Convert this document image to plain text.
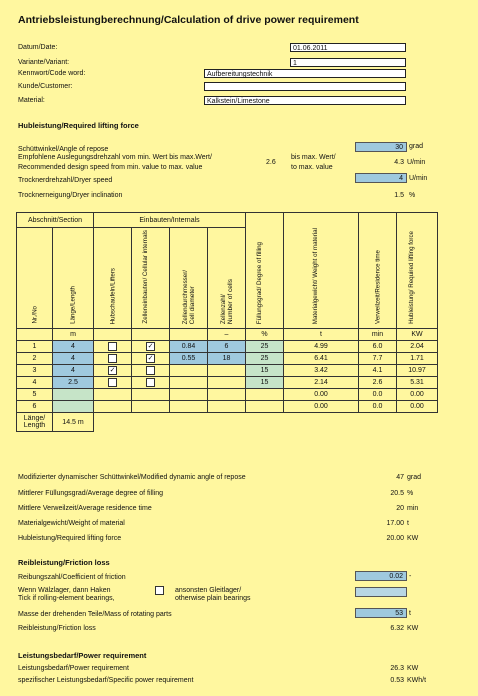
Antriebsleistungberechnung/Calculation of drive power requirement
Datum/Date:	01.06.2011
Variante/Variant:	1
Kennwort/Code word:	Aufbereitungstechnik
Kunde/Customer:
Material:	Kalkstein/Limestone
Hubleistung/Required lifting force
Schüttwinkel/Angle of repose	30 grad
Empfohlene Auslegungsdrehzahl vom min. Wert bis max.Wert/
Recommended design speed from min. value to max. value
2.6
bis max. Wert/
to max. value
4.3 U/min
Trocknerdrehzahl/Dryer speed	4 U/min
Trocknerneigung/Dryer inclination	1.5 %
Abschnitt/Section		Einbauten/Internals							

Nr./No	Länge/Length	Hubschaufeln/Lifters	Zelleneinbauten/ Cellular internals	Zellendurchmesser/
Cell diameter	Zellenzahl/
Number of cells	Füllungsgrad/ Degree of filling	Materialgewicht/ Weight of material	Verweilzeit/Residence time	Hubleistung/ Required lifting force

	m				–	%	t	min	KW
1	4		✓	0.84	6	25	4.99	6.0	2.04
2	4		✓	0.55	18	25	6.41	7.7	1.71
3	4	✓				15	3.42	4.1	10.97
4	2.5					15	2.14	2.6	5.31
5							0.00	0.0	0.00
6							0.00	0.0	0.00
Länge/
Length	14.5 m								
Modifizierter dynamischer Schüttwinkel/Modified dynamic angle of repose	47 grad
Mittlerer Füllungsgrad/Average degree of filling	20.5 %
Mittlere Verweilzeit/Average residence time	20 min
Materialgewicht/Weight of material	17.00 t
Hubleistung/Required lifting force	20.00 KW
Reibleistung/Friction loss
Reibungszahl/Coefficient of friction	0.02 -
Wenn Wälzlager, dann Haken
Tick if rolling-element bearings,
ansonsten Gleitlager/
otherwise plain bearings
Masse der drehenden Teile/Mass of rotating parts	53 t
Reibleistung/Friction loss	6.32 KW
Leistungsbedarf/Power requirement
Leistungsbedarf/Power requirement	26.3 KW
spezifischer Leistungsbedarf/Specific power requirement	0.53 KWh/t
